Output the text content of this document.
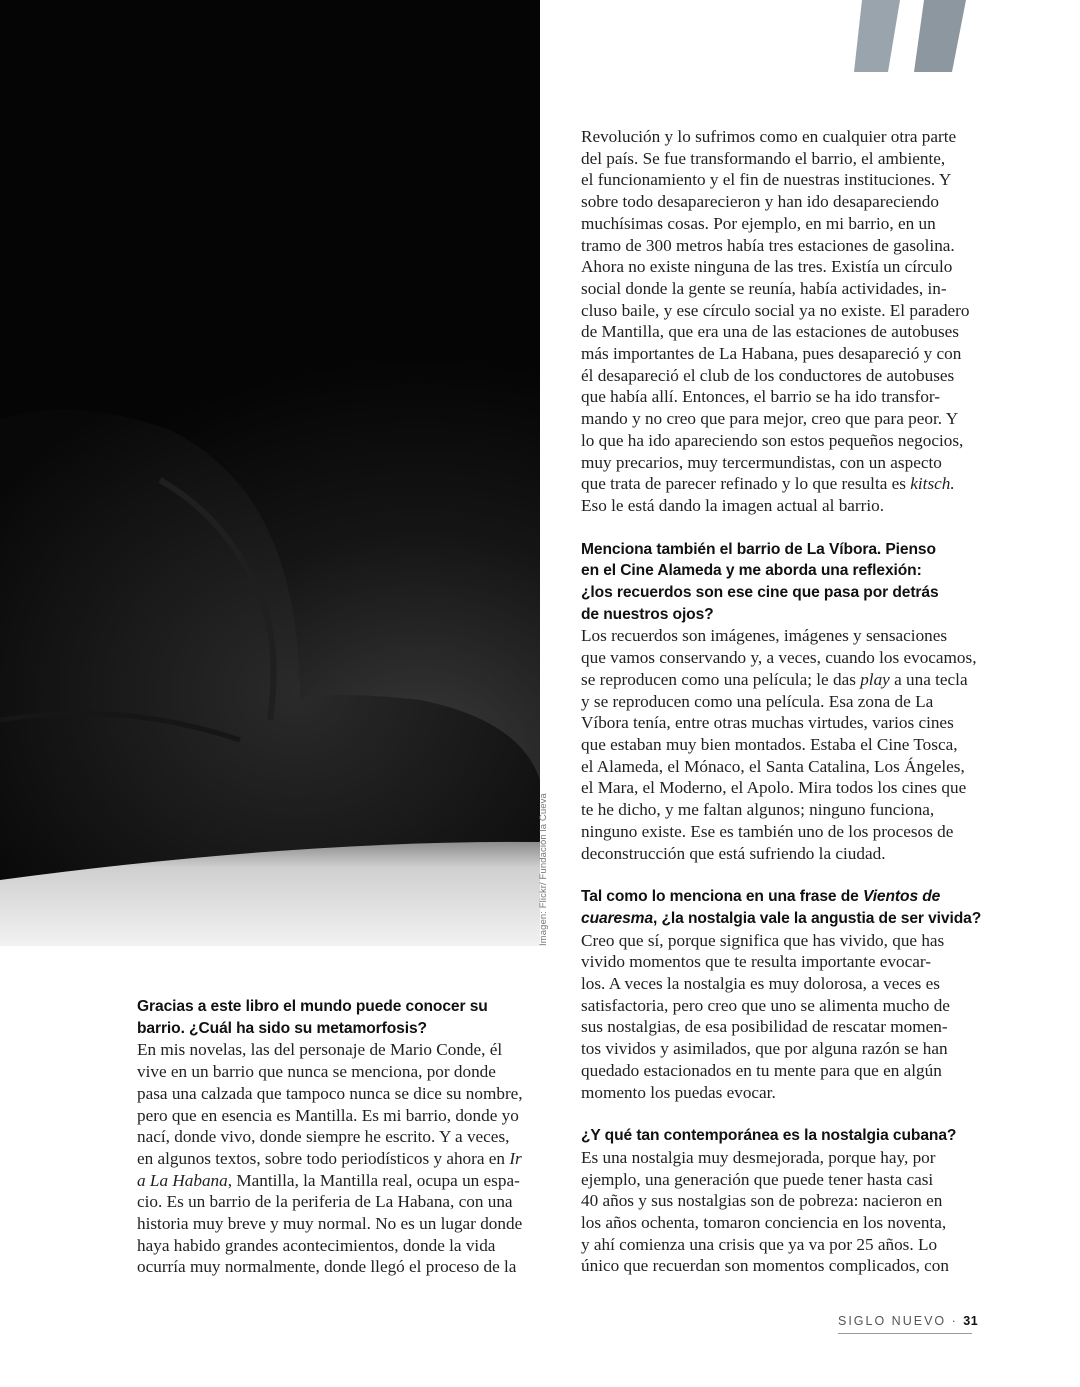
Imagen: Flickr/ Fundación la Cueva

Revolución y lo sufrimos como en cualquier otra parte
del país. Se fue transformando el barrio, el ambiente,
el funcionamiento y el fin de nuestras instituciones. Y
sobre todo desaparecieron y han ido desapareciendo
muchísimas cosas. Por ejemplo, en mi barrio, en un
tramo de 300 metros había tres estaciones de gasolina.
Ahora no existe ninguna de las tres. Existía un círculo
social donde la gente se reunía, había actividades, in-
cluso baile, y ese círculo social ya no existe. El paradero
de Mantilla, que era una de las estaciones de autobuses
más importantes de La Habana, pues desapareció y con
él desapareció el club de los conductores de autobuses
que había allí. Entonces, el barrio se ha ido transfor-
mando y no creo que para mejor, creo que para peor. Y
lo que ha ido apareciendo son estos pequeños negocios,
muy precarios, muy tercermundistas, con un aspecto
que trata de parecer refinado y lo que resulta es kitsch.
Eso le está dando la imagen actual al barrio.

Menciona también el barrio de La Víbora. Pienso
en el Cine Alameda y me aborda una reflexión:
¿los recuerdos son ese cine que pasa por detrás
de nuestros ojos?

Los recuerdos son imágenes, imágenes y sensaciones
que vamos conservando y, a veces, cuando los evocamos,
se reproducen como una película; le das play a una tecla
y se reproducen como una película. Esa zona de La
Víbora tenía, entre otras muchas virtudes, varios cines
que estaban muy bien montados. Estaba el Cine Tosca,
el Alameda, el Mónaco, el Santa Catalina, Los Ángeles,
el Mara, el Moderno, el Apolo. Mira todos los cines que
te he dicho, y me faltan algunos; ninguno funciona,
ninguno existe. Ese es también uno de los procesos de
deconstrucción que está sufriendo la ciudad.

Tal como lo menciona en una frase de Vientos de
cuaresma, ¿la nostalgia vale la angustia de ser vivida?

Creo que sí, porque significa que has vivido, que has
vivido momentos que te resulta importante evocar-
los. A veces la nostalgia es muy dolorosa, a veces es
satisfactoria, pero creo que uno se alimenta mucho de
sus nostalgias, de esa posibilidad de rescatar momen-
tos vividos y asimilados, que por alguna razón se han
quedado estacionados en tu mente para que en algún
momento los puedas evocar.

¿Y qué tan contemporánea es la nostalgia cubana?

Es una nostalgia muy desmejorada, porque hay, por
ejemplo, una generación que puede tener hasta casi
40 años y sus nostalgias son de pobreza: nacieron en
los años ochenta, tomaron conciencia en los noventa,
y ahí comienza una crisis que ya va por 25 años. Lo
único que recuerdan son momentos complicados, con

Gracias a este libro el mundo puede conocer su
barrio. ¿Cuál ha sido su metamorfosis?

En mis novelas, las del personaje de Mario Conde, él
vive en un barrio que nunca se menciona, por donde
pasa una calzada que tampoco nunca se dice su nombre,
pero que en esencia es Mantilla. Es mi barrio, donde yo
nací, donde vivo, donde siempre he escrito. Y a veces,
en algunos textos, sobre todo periodísticos y ahora en Ir
a La Habana, Mantilla, la Mantilla real, ocupa un espa-
cio. Es un barrio de la periferia de La Habana, con una
historia muy breve y muy normal. No es un lugar donde
haya habido grandes acontecimientos, donde la vida
ocurría muy normalmente, donde llegó el proceso de la

SIGLO NUEVO · 31
